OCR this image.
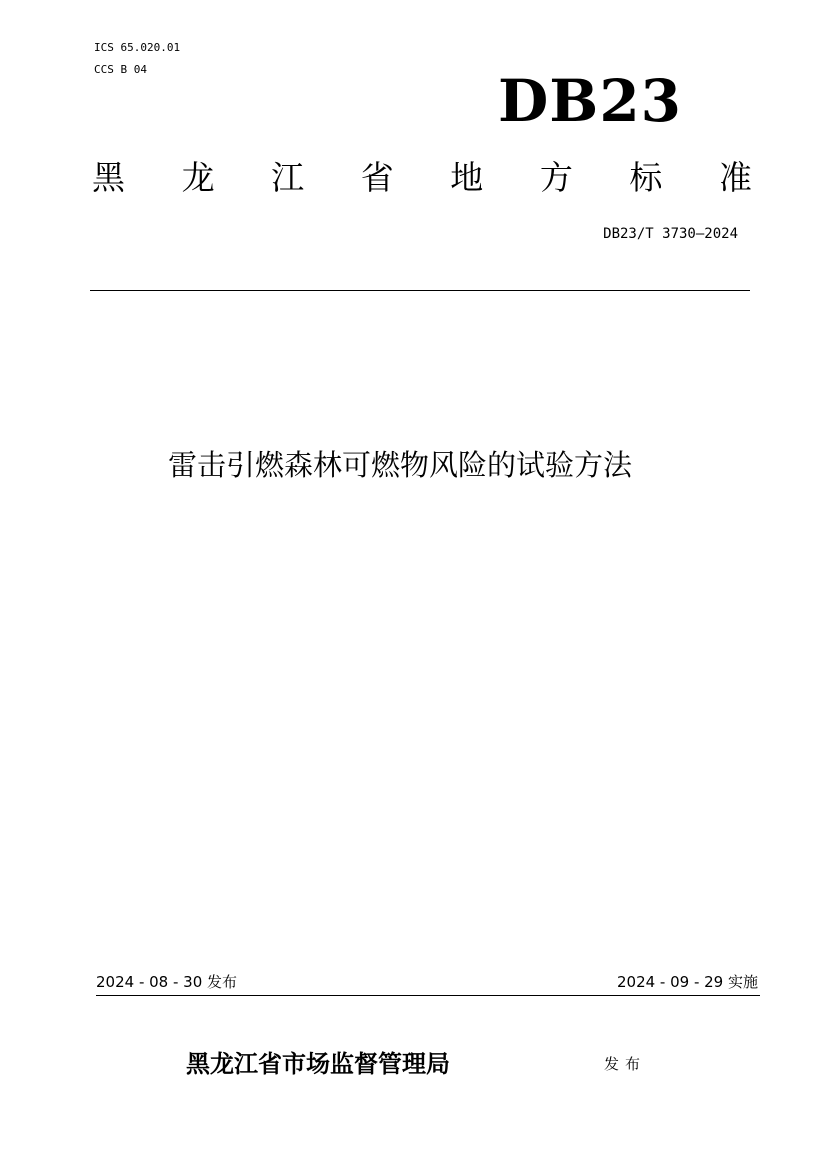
ICS 65.020.01
CCS B 04	DB23
黑 龙 江 省 地 方 标 准
DB23/T 3730—2024
雷击引燃森林可燃物风险的试验方法
2024 - 08 - 30 发布	2024 - 09 - 29 实施
黑龙江省市场监督管理局	发布
